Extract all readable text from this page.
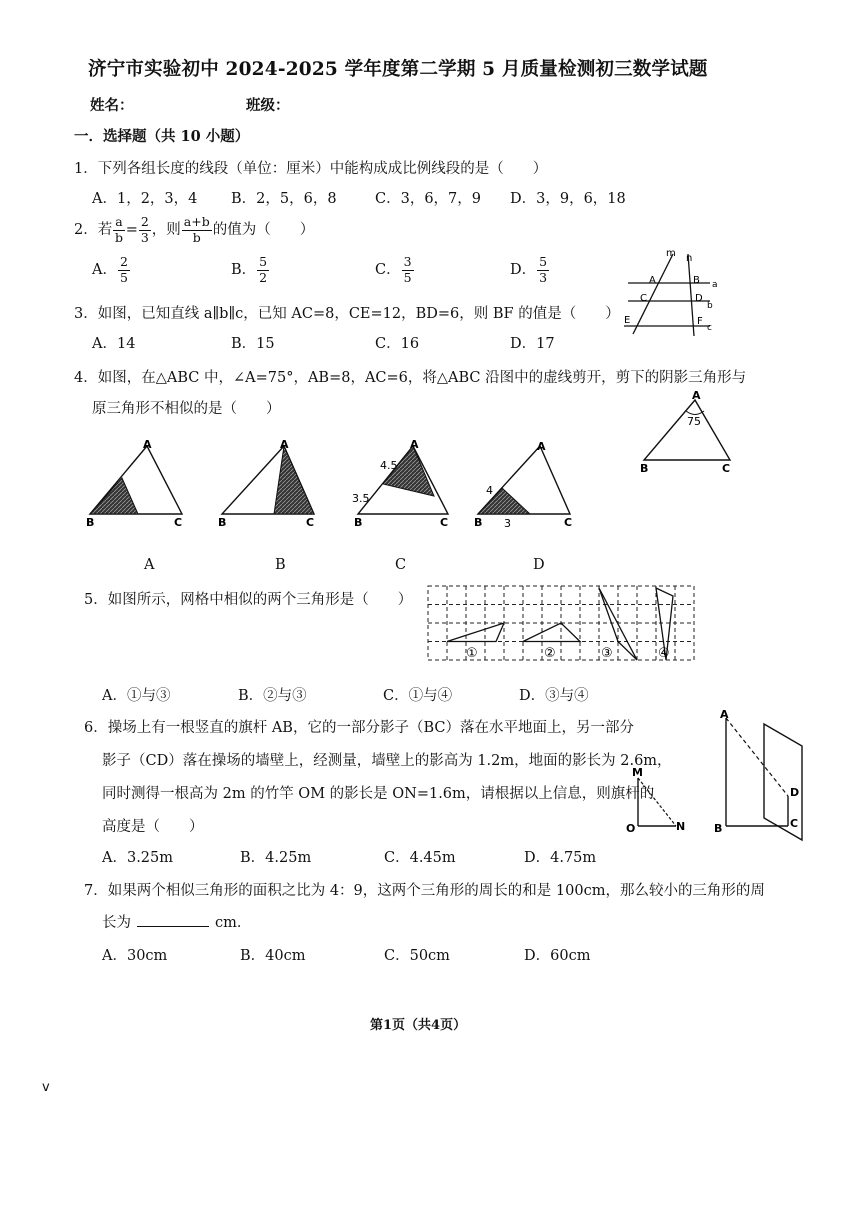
济宁市实验初中 2024-2025 学年度第二学期 5 月质量检测初三数学试题
姓名：	班级：
一．选择题（共 10 小题）
1．下列各组长度的线段（单位：厘米）中能构成成比例线段的是（　　）
A．1，2，3，4 B．2，5，6，8	C．3，6，7，9 D．3，9，6，18
2．若 $\frac{a}{b} = \frac{2}{3}$ ，则 $\frac{a+b}{b}$ 的值为（　　）
A． $\frac{2}{5}$	B． $\frac{5}{2}$	C． $\frac{3}{5}$	D． $\frac{5}{3}$
m n
a
b
c
A	B
C	D
E	F
3．如图，已知直线 a∥b∥c，已知 AC=8，CE=12，BD=6，则 BF 的值是（　　）
A．14	B．15	C．16	D．17
4．如图，在△ABC 中，∠A=75°，AB=8，AC=6，将△ABC 沿图中的虚线剪开，剪下的阴影三角形与
原三角形不相似的是（　　）
A
75
B	C
A
B	C
A
B	C
A
B	C
4.5
3.5
A
B	C
4
3
A	B	C	D
5．如图所示，网格中相似的两个三角形是（　　）
①	②	③	④
A．①与③	B．②与③	C．①与④	D．③与④
6．操场上有一根竖直的旗杆 AB，它的一部分影子（BC）落在水平地面上，另一部分
影子（CD）落在操场的墙壁上，经测量，墙壁上的影高为 1.2m，地面的影长为 2.6m，
同时测得一根高为 2m 的竹竿 OM 的影长是 ON=1.6m，请根据以上信息，则旗杆的
高度是（　　）
M
O	N
A
B	C
D
A．3.25m	B．4.25m	C．4.45m	D．4.75m
7．如果两个相似三角形的面积之比为 4：9，这两个三角形的周长的和是 100cm，那么较小的三角形的周
长为	cm．
A．30cm	B．40cm	C．50cm	D．60cm
第1页（共4页）
v
